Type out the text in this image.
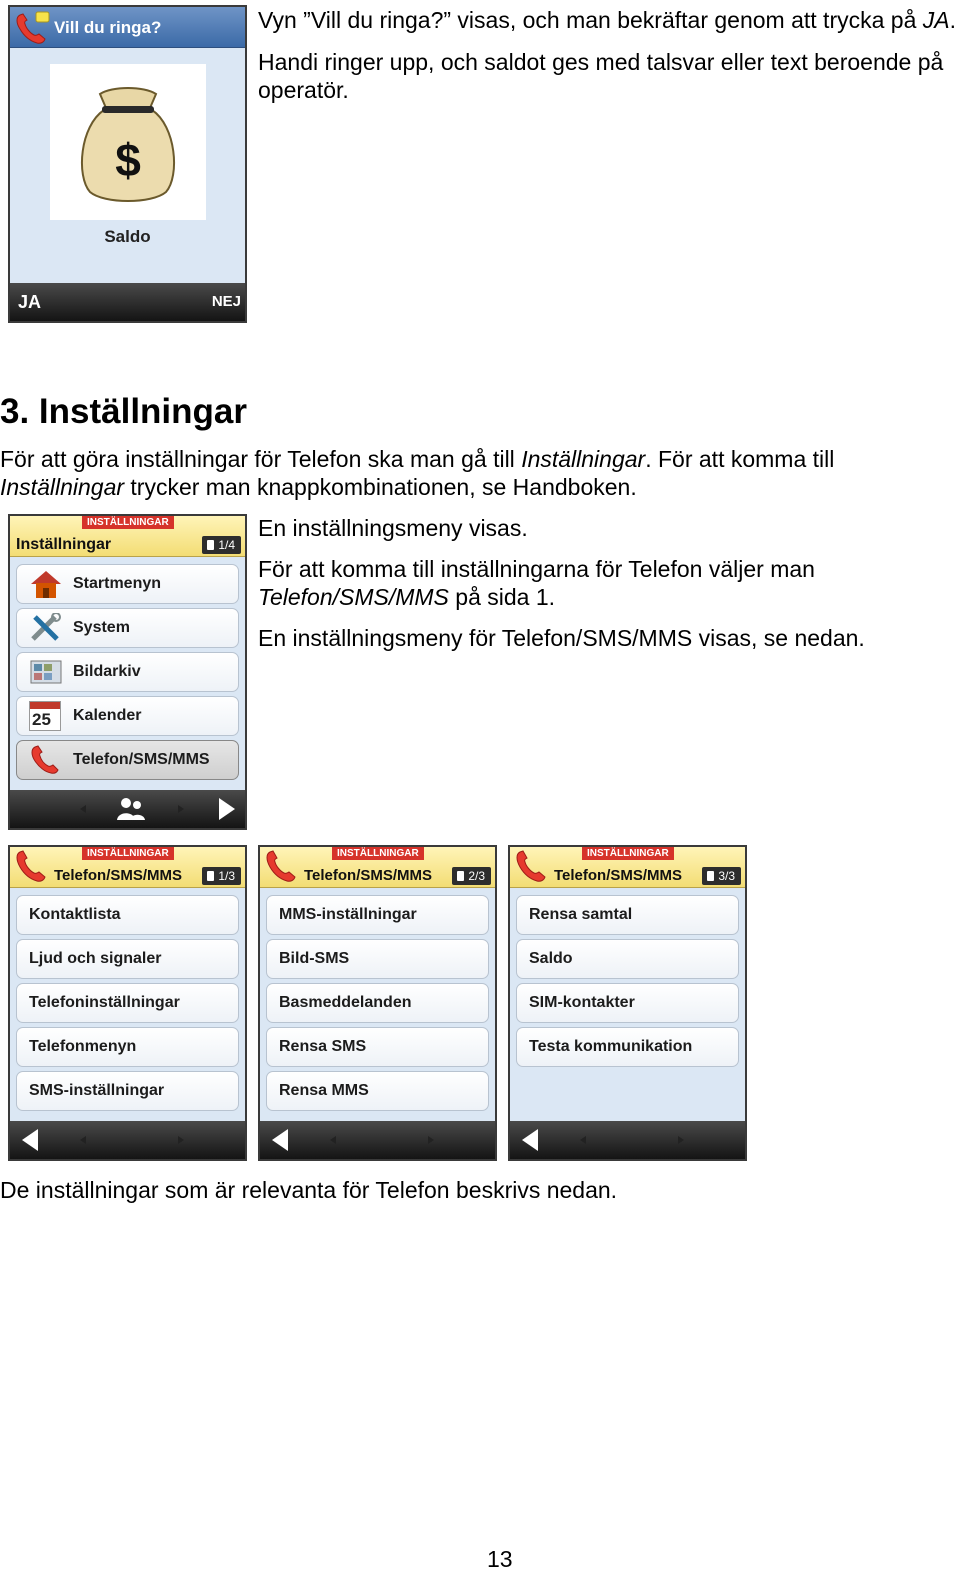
Vill du ringa?
$
Saldo
JA	NEJ

Vyn ”Vill du ringa?” visas, och man bekräftar genom att trycka på JA.

Handi ringer upp, och saldot ges med talsvar eller text beroende på operatör.

3. Inställningar

För att göra inställningar för Telefon ska man gå till Inställningar. För att komma till
Inställningar trycker man knappkombinationen, se Handboken.

INSTÄLLNINGAR
Inställningar	1/4
Startmenyn
System
Bildarkiv
25 Kalender
Telefon/SMS/MMS

En inställningsmeny visas.

För att komma till inställningarna för Telefon väljer man
Telefon/SMS/MMS på sida 1.

En inställningsmeny för Telefon/SMS/MMS visas, se nedan.

INSTÄLLNINGAR
Telefon/SMS/MMS	1/3
Kontaktlista
Ljud och signaler
Telefoninställningar
Telefonmenyn
SMS-inställningar
INSTÄLLNINGAR
Telefon/SMS/MMS	2/3
MMS-inställningar
Bild-SMS
Basmeddelanden
Rensa SMS
Rensa MMS
INSTÄLLNINGAR
Telefon/SMS/MMS	3/3
Rensa samtal
Saldo
SIM-kontakter
Testa kommunikation

De inställningar som är relevanta för Telefon beskrivs nedan.

13
